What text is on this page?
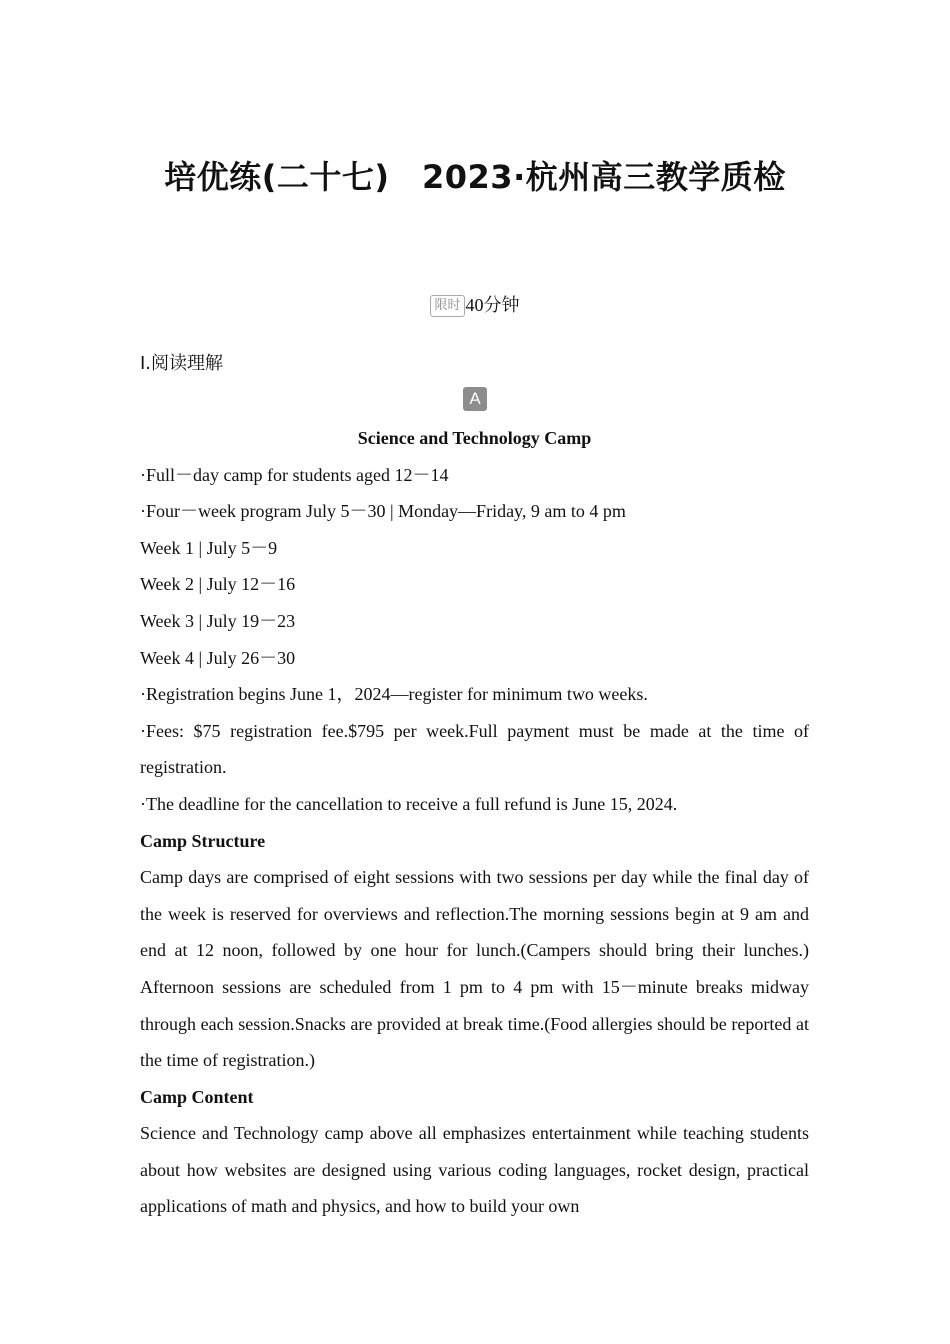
培优练(二十七)　2023·杭州高三教学质检
限时 40分钟
Ⅰ.阅读理解
A

Science and Technology Camp

·Full－day camp for students aged 12－14

·Four－week program July 5－30 | Monday—Friday, 9 am to 4 pm

Week 1 | July 5－9

Week 2 | July 12－16

Week 3 | July 19－23

Week 4 | July 26－30

·Registration begins June 1，2024—register for minimum two weeks.

·Fees: $75 registration fee.$795 per week.Full payment must be made at the time of registration.

·The deadline for the cancellation to receive a full refund is June 15, 2024.

Camp Structure

Camp days are comprised of eight sessions with two sessions per day while the final day of the week is reserved for overviews and reflection.The morning sessions begin at 9 am and end at 12 noon, followed by one hour for lunch.(Campers should bring their lunches.) Afternoon sessions are scheduled from 1 pm to 4 pm with 15－minute breaks midway through each session.Snacks are provided at break time.(Food allergies should be reported at the time of registration.)

Camp Content

Science and Technology camp above all emphasizes entertainment while teaching students about how websites are designed using various coding languages, rocket design, practical applications of math and physics, and how to build your own
